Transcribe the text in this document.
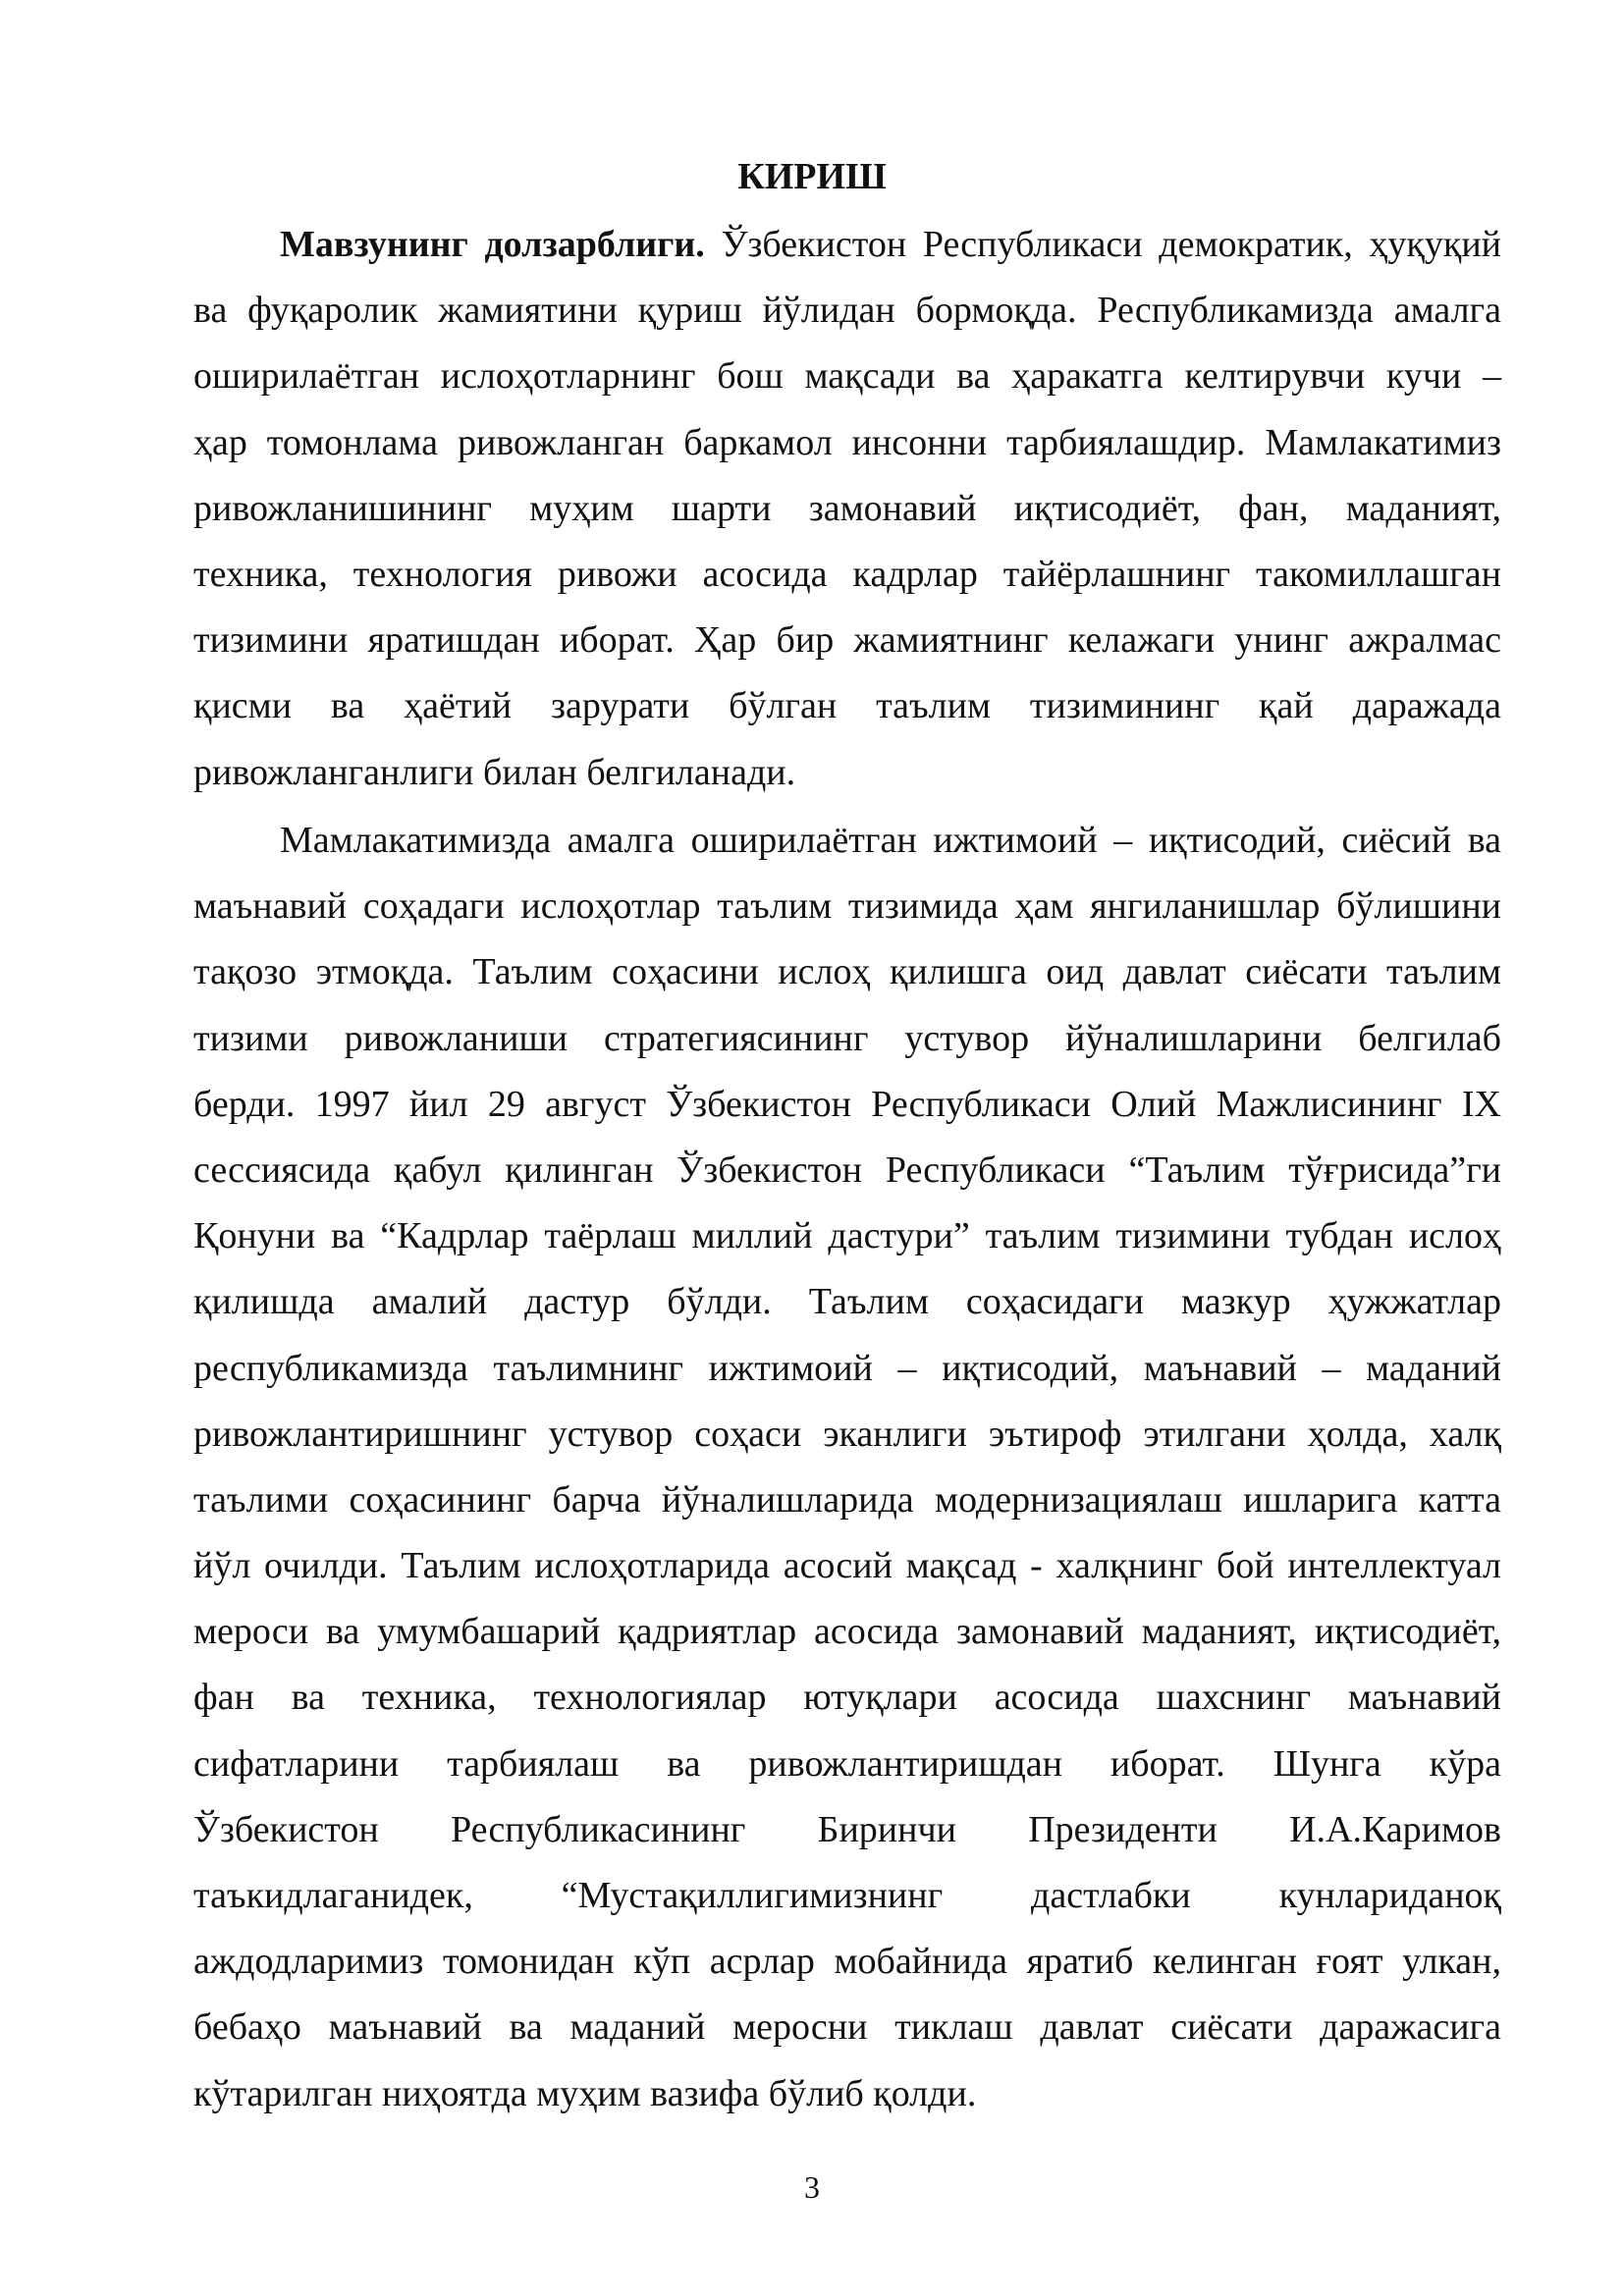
КИРИШ
Мавзунинг долзарблиги. Ўзбекистон Республикаси демократик, ҳуқуқий
ва фуқаролик жамиятини қуриш йўлидан бормоқда. Республикамизда амалга
оширилаётган ислоҳотларнинг бош мақсади ва ҳаракатга келтирувчи кучи –
ҳар томонлама ривожланган баркамол инсонни тарбиялашдир. Мамлакатимиз
ривожланишининг муҳим шарти замонавий иқтисодиёт, фан, маданият,
техника, технология ривожи асосида кадрлар тайёрлашнинг такомиллашган
тизимини яратишдан иборат. Ҳар бир жамиятнинг келажаги унинг ажралмас
қисми ва ҳаётий зарурати бўлган таълим тизимининг қай даражада
ривожланганлиги билан белгиланади.
Мамлакатимизда амалга оширилаётган ижтимоий – иқтисодий, сиёсий ва
маънавий соҳадаги ислоҳотлар таълим тизимида ҳам янгиланишлар бўлишини
тақозо этмоқда. Таълим соҳасини ислоҳ қилишга оид давлат сиёсати таълим
тизими ривожланиши стратегиясининг устувор йўналишларини белгилаб
берди. 1997 йил 29 август Ўзбекистон Республикаси Олий Мажлисининг IX
сессиясида қабул қилинган Ўзбекистон Республикаси “Таълим тўғрисида”ги
Қонуни ва “Кадрлар таёрлаш миллий дастури” таълим тизимини тубдан ислоҳ
қилишда амалий дастур бўлди. Таълим соҳасидаги мазкур ҳужжатлар
республикамизда таълимнинг ижтимоий – иқтисодий, маънавий – маданий
ривожлантиришнинг устувор соҳаси эканлиги эътироф этилгани ҳолда, халқ
таълими соҳасининг барча йўналишларида модернизациялаш ишларига катта
йўл очилди. Таълим ислоҳотларида асосий мақсад - халқнинг бой интеллектуал
мероси ва умумбашарий қадриятлар асосида замонавий маданият, иқтисодиёт,
фан ва техника, технологиялар ютуқлари асосида шахснинг маънавий
сифатларини тарбиялаш ва ривожлантиришдан иборат. Шунга кўра
Ўзбекистон Республикасининг Биринчи Президенти И.А.Каримов
таъкидлаганидек, “Мустақиллигимизнинг дастлабки кунлариданоқ
аждодларимиз томонидан кўп асрлар мобайнида яратиб келинган ғоят улкан,
бебаҳо маънавий ва маданий меросни тиклаш давлат сиёсати даражасига
кўтарилган ниҳоятда муҳим вазифа бўлиб қолди.
3
